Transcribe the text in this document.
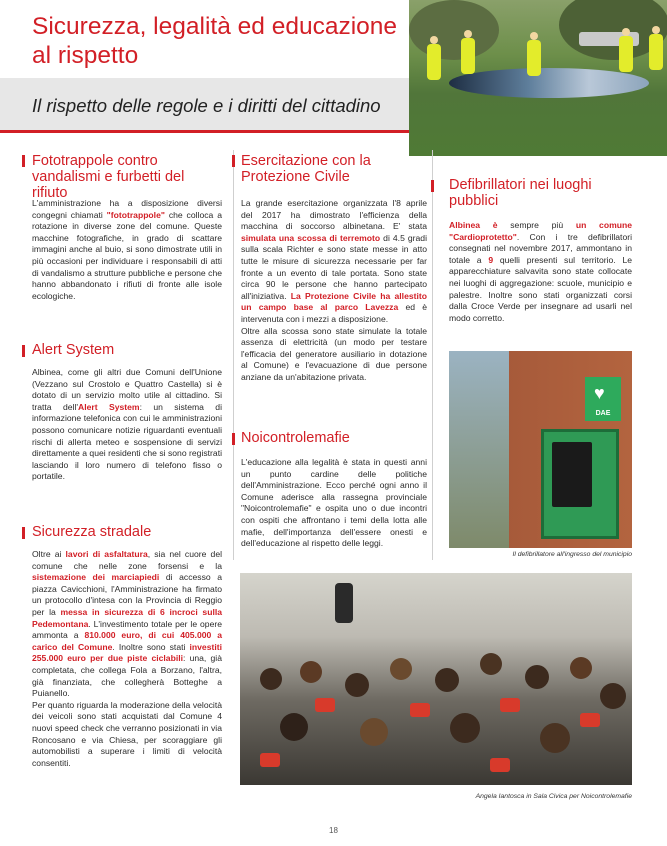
Sicurezza, legalità ed educazione al rispetto
Il rispetto delle regole e i diritti del cittadino
Fototrappole contro vandalismi e furbetti del rifiuto
L'amministrazione ha a disposizione diversi congegni chiamati "fototrappole" che colloca a rotazione in diverse zone del comune. Queste macchine fotografiche, in grado di scattare immagini anche al buio, si sono dimostrate utili in più occasioni per individuare i responsabili di atti di vandalismo a strutture pubbliche e persone che hanno abbandonato i rifiuti di fronte alle isole ecologiche.
Alert System
Albinea, come gli altri due Comuni dell'Unione (Vezzano sul Crostolo e Quattro Castella) si è dotato di un servizio molto utile al cittadino. Si tratta dell'Alert System: un sistema di informazione telefonica con cui le amministrazioni possono comunicare notizie riguardanti eventuali rischi di allerta meteo e sospensione di servizi direttamente a quei residenti che si sono registrati lasciando il loro numero di telefono fisso o portatile.
Sicurezza stradale
Oltre ai lavori di asfaltatura, sia nel cuore del comune che nelle zone forsensi e la sistemazione dei marciapiedi di accesso a piazza Cavicchioni, l'Amministrazione ha firmato un protocollo d'intesa con la Provincia di Reggio per la messa in sicurezza di 6 incroci sulla Pedemontana. L'investimento totale per le opere ammonta a 810.000 euro, di cui 405.000 a carico del Comune. Inoltre sono stati investiti 255.000 euro per due piste ciclabili: una, già completata, che collega Fola a Borzano, l'altra, già finanziata, che collegherà Botteghe a Puianello.
Per quanto riguarda la moderazione della velocità dei veicoli sono stati acquistati dal Comune 4 nuovi speed check che verranno posizionati in via Roncosano e via Chiesa, per scoraggiare gli automobilisti a superare i limiti di velocità consentiti.
Esercitazione con la Protezione Civile
La grande esercitazione organizzata l'8 aprile del 2017 ha dimostrato l'efficienza della macchina di soccorso albinetana. E' stata simulata una scossa di terremoto di 4.5 gradi sulla scala Richter e sono state messe in atto tutte le misure di sicurezza necessarie per far fronte a un evento di tale portata. Sono state circa 90 le persone che hanno partecipato all'iniziativa. La Protezione Civile ha allestito un campo base al parco Lavezza ed è intervenuta con i mezzi a disposizione.
Oltre alla scossa sono state simulate la totale assenza di elettricità (un modo per testare l'efficacia del generatore ausiliario in dotazione al Comune) e l'evacuazione di due persone anziane da un'abitazione privata.
Noicontrolemafie
L'educazione alla legalità è stata in questi anni un punto cardine delle politiche dell'Amministrazione. Ecco perché ogni anno il Comune aderisce alla rassegna provinciale "Noicontrolemafie" e ospita uno o due incontri con ospiti che affrontano i temi della lotta alle mafie, dell'importanza dell'essere onesti e dell'educazione al rispetto delle leggi.
Defibrillatori nei luoghi pubblici
Albinea è sempre più un comune "Cardioprotetto". Con i tre defibrillatori consegnati nel novembre 2017, ammontano in totale a 9 quelli presenti sul territorio. Le apparecchiature salvavita sono state collocate nei luoghi di aggregazione: scuole, municipio e palestre. Inoltre sono stati organizzati corsi dalla Croce Verde per insegnare ad usarli nel modo corretto.
♥
DAE
Il defibrillatore all'ingresso del municipio
Angela Iantosca in Sala Civica per Noicontrolemafie
18
